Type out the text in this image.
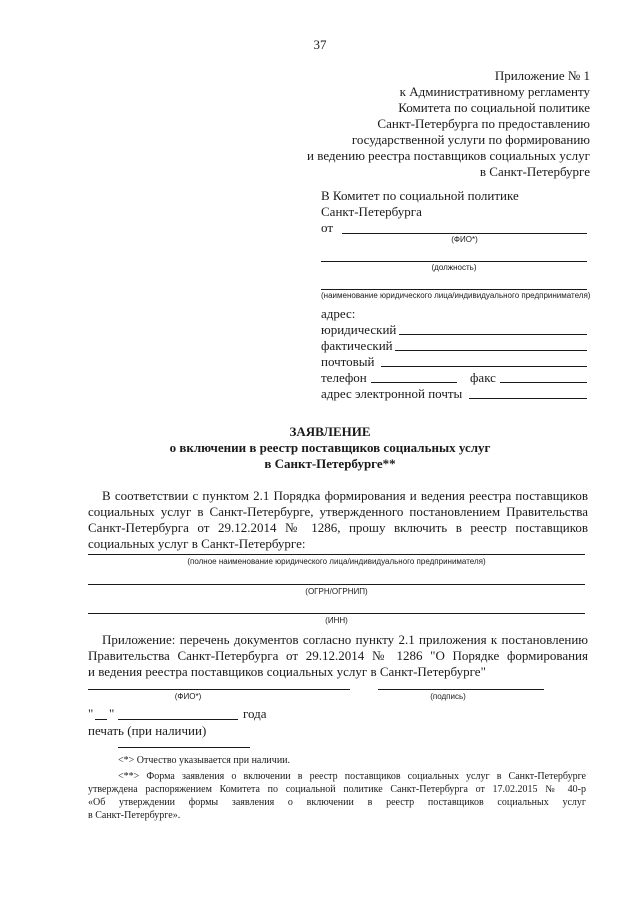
37
Приложение № 1
к Административному регламенту
Комитета по социальной политике
Санкт-Петербурга по предоставлению
государственной услуги по формированию
и ведению реестра поставщиков социальных услуг
в Санкт-Петербурге
В Комитет по социальной политике
Санкт-Петербурга
от
(ФИО*)
(должность)
(наименование юридического лица/индивидуального предпринимателя)
адрес:
юридический
фактический
почтовый
телефон	факс
адрес электронной почты
ЗАЯВЛЕНИЕ
о включении в реестр поставщиков социальных услуг
в Санкт-Петербурге**
В соответствии с пунктом 2.1 Порядка формирования и ведения реестра поставщиков
социальных услуг в Санкт-Петербурге, утвержденного постановлением Правительства
Санкт-Петербурга от 29.12.2014 № 1286, прошу включить в реестр поставщиков
социальных услуг в Санкт-Петербурге:
(полное наименование юридического лица/индивидуального предпринимателя)
(ОГРН/ОГРНИП)
(ИНН)
Приложение: перечень документов согласно пункту 2.1 приложения к постановлению
Правительства Санкт-Петербурга от 29.12.2014 № 1286 "О Порядке формирования
и ведения реестра поставщиков социальных услуг в Санкт-Петербурге"
(ФИО*)	(подпись)
" "	года
печать (при наличии)
<*> Отчество указывается при наличии.
<**> Форма заявления о включении в реестр поставщиков социальных услуг в Санкт-Петербурге
утверждена распоряжением Комитета по социальной политике Санкт-Петербурга от 17.02.2015 № 40-р
«Об утверждении формы заявления о включении в реестр поставщиков социальных услуг
в Санкт-Петербурге».
